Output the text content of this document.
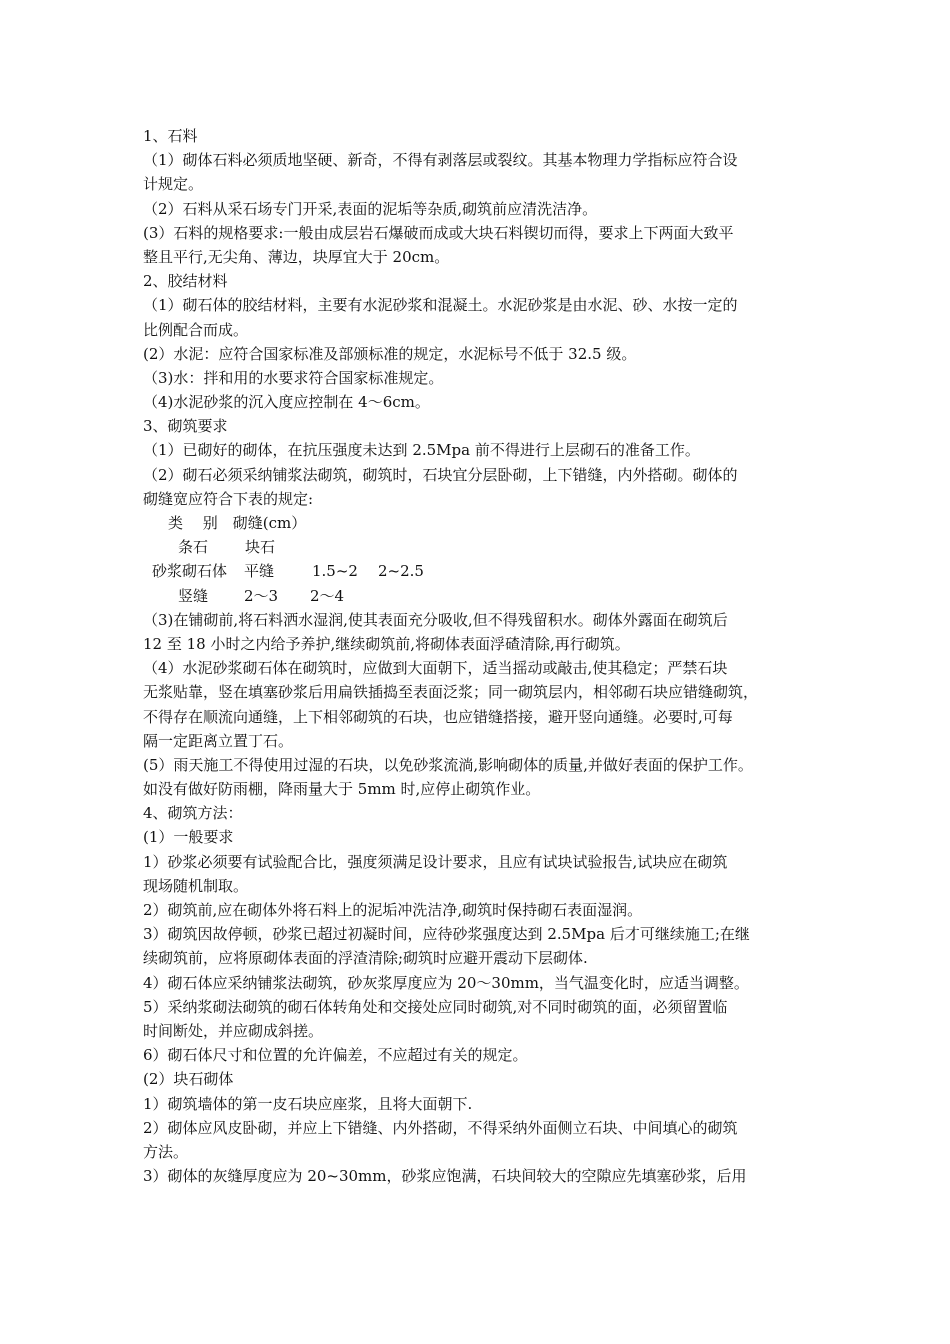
1、石料
（1）砌体石料必须质地坚硬、新奇，不得有剥落层或裂纹。其基本物理力学指标应符合设
计规定。
（2）石料从采石场专门开采,表面的泥垢等杂质,砌筑前应清洗洁净。
(3）石料的规格要求:一般由成层岩石爆破而成或大块石料锲切而得，要求上下两面大致平
整且平行,无尖角、薄边，块厚宜大于 20cm。
2、胶结材料
（1）砌石体的胶结材料，主要有水泥砂浆和混凝土。水泥砂浆是由水泥、砂、水按一定的
比例配合而成。
(2）水泥：应符合国家标准及部颁标准的规定，水泥标号不低于 32.5 级。
（3)水：拌和用的水要求符合国家标准规定。
（4)水泥砂浆的沉入度应控制在 4～6cm。
3、砌筑要求
（1）已砌好的砌体，在抗压强度未达到 2.5Mpa 前不得进行上层砌石的准备工作。
（2）砌石必须采纳铺浆法砌筑，砌筑时，石块宜分层卧砌，上下错缝，内外搭砌。砌体的
砌缝宽应符合下表的规定:
类　 别　砌缝(cm）
条石	块石
砂浆砌石体	平缝	1.5~2	2~2.5
竖缝	2～3	2～4
（3)在铺砌前,将石料洒水湿润,使其表面充分吸收,但不得残留积水。砌体外露面在砌筑后
12 至 18 小时之内给予养护,继续砌筑前,将砌体表面浮碴清除,再行砌筑。
（4）水泥砂浆砌石体在砌筑时，应做到大面朝下，适当摇动或敲击,使其稳定；严禁石块
无浆贴靠，竖在填塞砂浆后用扁铁插捣至表面泛浆；同一砌筑层内，相邻砌石块应错缝砌筑，
不得存在顺流向通缝，上下相邻砌筑的石块，也应错缝搭接，避开竖向通缝。必要时,可每
隔一定距离立置丁石。
(5）雨天施工不得使用过湿的石块，以免砂浆流淌,影响砌体的质量,并做好表面的保护工作。
如没有做好防雨棚，降雨量大于 5mm 时,应停止砌筑作业。
4、砌筑方法：
(1）一般要求
1）砂浆必须要有试验配合比，强度须满足设计要求，且应有试块试验报告,试块应在砌筑
现场随机制取。
2）砌筑前,应在砌体外将石料上的泥垢冲洗洁净,砌筑时保持砌石表面湿润。
3）砌筑因故停顿，砂浆已超过初凝时间，应待砂浆强度达到 2.5Mpa 后才可继续施工;在继
续砌筑前，应将原砌体表面的浮渣清除;砌筑时应避开震动下层砌体.
4）砌石体应采纳铺浆法砌筑，砂灰浆厚度应为 20～30mm，当气温变化时，应适当调整。
5）采纳浆砌法砌筑的砌石体转角处和交接处应同时砌筑,对不同时砌筑的面，必须留置临
时间断处，并应砌成斜搓。
6）砌石体尺寸和位置的允许偏差，不应超过有关的规定。
(2）块石砌体
1）砌筑墙体的第一皮石块应座浆，且将大面朝下.
2）砌体应风皮卧砌，并应上下错缝、内外搭砌，不得采纳外面侧立石块、中间填心的砌筑
方法。
3）砌体的灰缝厚度应为 20~30mm，砂浆应饱满，石块间较大的空隙应先填塞砂浆，后用
